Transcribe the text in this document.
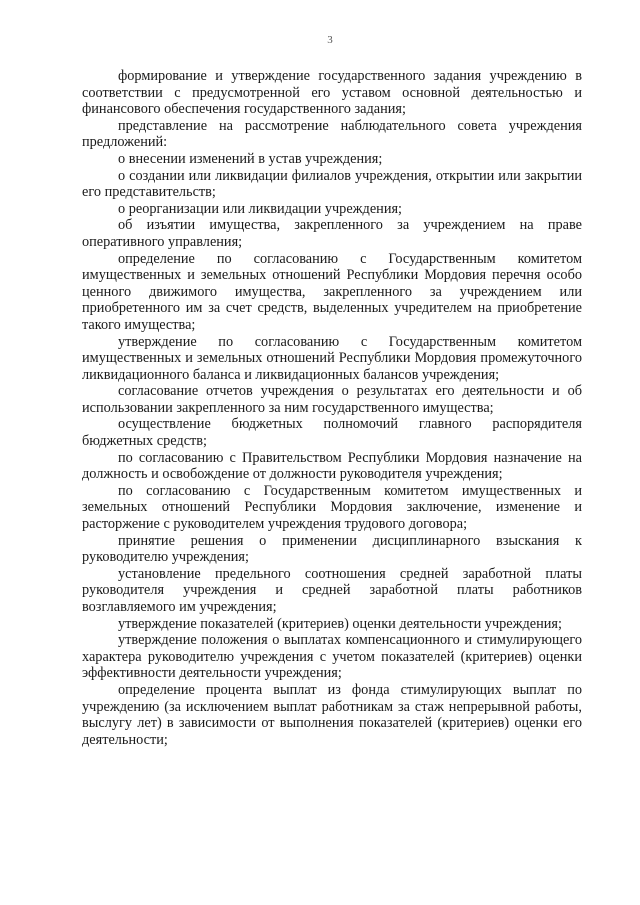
3

формирование и утверждение государственного задания учреждению в соответствии с предусмотренной его уставом основной деятельностью и финансового обеспечения государственного задания;

представление на рассмотрение наблюдательного совета учреждения предложений:

о внесении изменений в устав учреждения;

о создании или ликвидации филиалов учреждения, открытии или закрытии его представительств;

о реорганизации или ликвидации учреждения;

об изъятии имущества, закрепленного за учреждением на праве оперативного управления;

определение по согласованию с Государственным комитетом имущественных и земельных отношений Республики Мордовия перечня особо ценного движимого имущества, закрепленного за учреждением или приобретенного им за счет средств, выделенных учредителем на приобретение такого имущества;

утверждение по согласованию с Государственным комитетом имущественных и земельных отношений Республики Мордовия промежуточного ликвидационного баланса и ликвидационных балансов учреждения;

согласование отчетов учреждения о результатах его деятельности и об использовании закрепленного за ним государственного имущества;

осуществление бюджетных полномочий главного распорядителя бюджетных средств;

по согласованию с Правительством Республики Мордовия назначение на должность и освобождение от должности руководителя учреждения;

по согласованию с Государственным комитетом имущественных и земельных отношений Республики Мордовия заключение, изменение и расторжение с руководителем учреждения трудового договора;

принятие решения о применении дисциплинарного взыскания к руководителю учреждения;

установление предельного соотношения средней заработной платы руководителя учреждения и средней заработной платы работников возглавляемого им учреждения;

утверждение показателей (критериев) оценки деятельности учреждения;

утверждение положения о выплатах компенсационного и стимулирующего характера руководителю учреждения с учетом показателей (критериев) оценки эффективности деятельности учреждения;

определение процента выплат из фонда стимулирующих выплат по учреждению (за исключением выплат работникам за стаж непрерывной работы, выслугу лет) в зависимости от выполнения показателей (критериев) оценки его деятельности;
